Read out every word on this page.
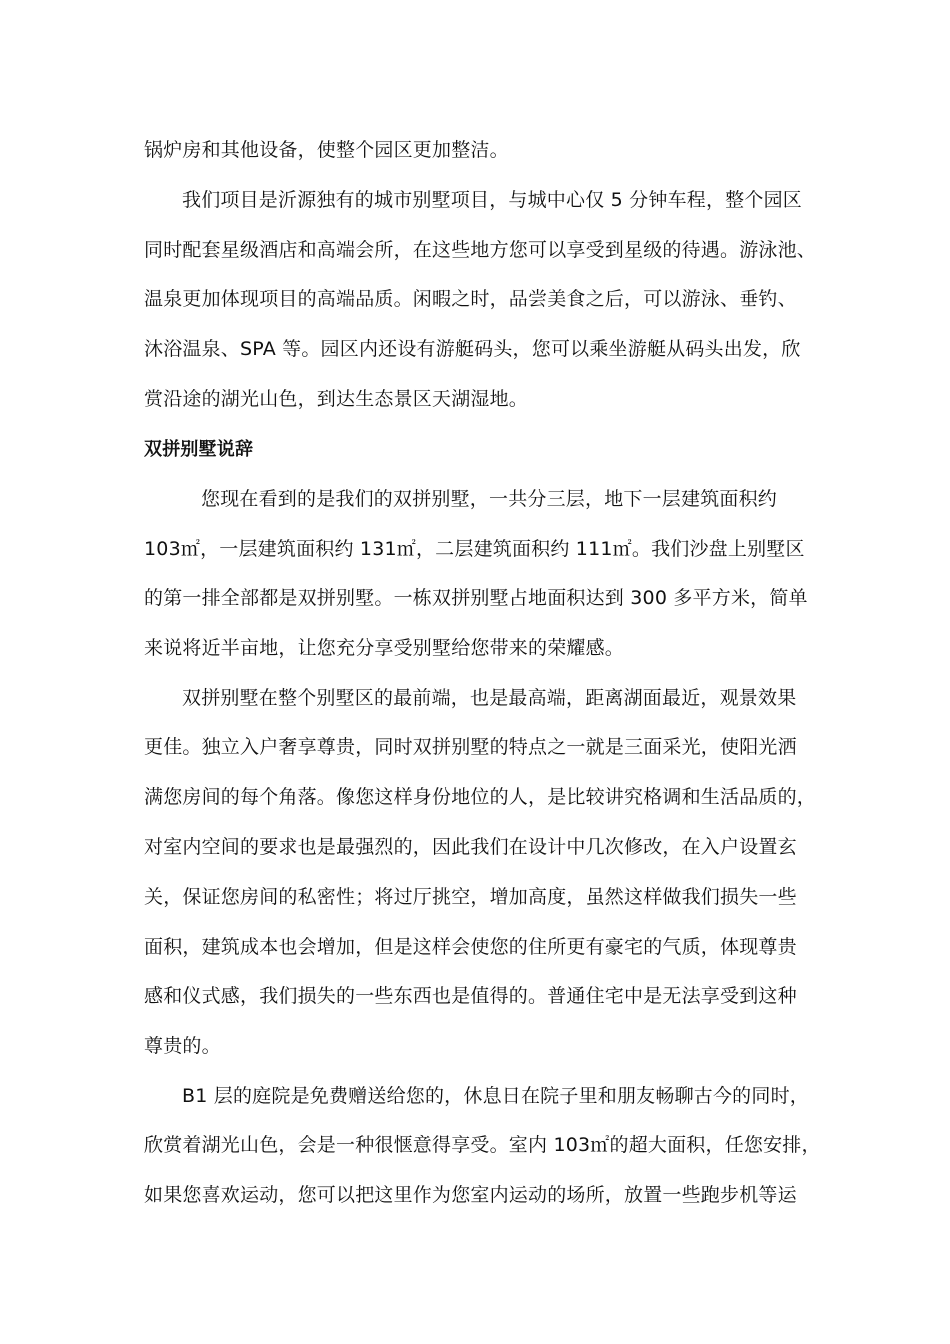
锅炉房和其他设备，使整个园区更加整洁。
我们项目是沂源独有的城市别墅项目，与城中心仅 5 分钟车程，整个园区
同时配套星级酒店和高端会所，在这些地方您可以享受到星级的待遇。游泳池、
温泉更加体现项目的高端品质。闲暇之时，品尝美食之后，可以游泳、垂钓、
沐浴温泉、SPA 等。园区内还设有游艇码头，您可以乘坐游艇从码头出发，欣
赏沿途的湖光山色，到达生态景区天湖湿地。
双拼别墅说辞
您现在看到的是我们的双拼别墅，一共分三层，地下一层建筑面积约
103㎡，一层建筑面积约 131㎡，二层建筑面积约 111㎡。我们沙盘上别墅区
的第一排全部都是双拼别墅。一栋双拼别墅占地面积达到 300 多平方米，简单
来说将近半亩地，让您充分享受别墅给您带来的荣耀感。
双拼别墅在整个别墅区的最前端，也是最高端，距离湖面最近，观景效果
更佳。独立入户奢享尊贵，同时双拼别墅的特点之一就是三面采光，使阳光洒
满您房间的每个角落。像您这样身份地位的人，是比较讲究格调和生活品质的，
对室内空间的要求也是最强烈的，因此我们在设计中几次修改，在入户设置玄
关，保证您房间的私密性；将过厅挑空，增加高度，虽然这样做我们损失一些
面积，建筑成本也会增加，但是这样会使您的住所更有豪宅的气质，体现尊贵
感和仪式感，我们损失的一些东西也是值得的。普通住宅中是无法享受到这种
尊贵的。
B1 层的庭院是免费赠送给您的，休息日在院子里和朋友畅聊古今的同时，
欣赏着湖光山色，会是一种很惬意得享受。室内 103㎡的超大面积，任您安排，
如果您喜欢运动，您可以把这里作为您室内运动的场所，放置一些跑步机等运
